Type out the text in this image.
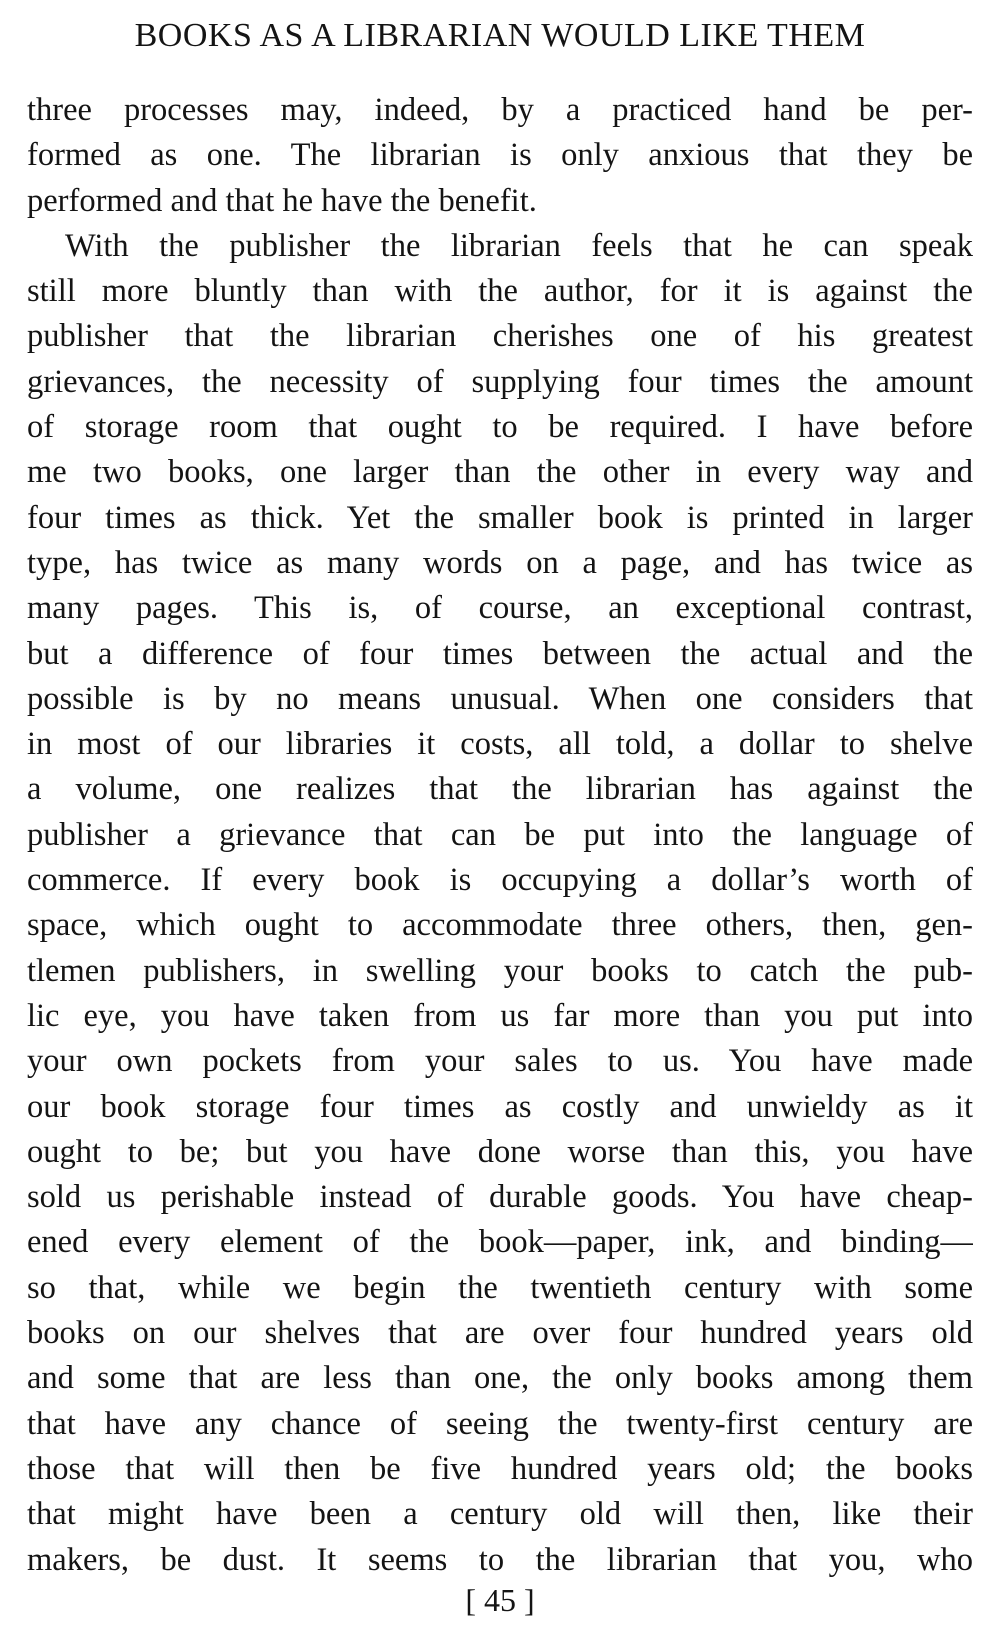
BOOKS AS A LIBRARIAN WOULD LIKE THEM
three processes may, indeed, by a practiced hand be per-
formed as one. The librarian is only anxious that they be
performed and that he have the benefit.
With the publisher the librarian feels that he can speak
still more bluntly than with the author, for it is against the
publisher that the librarian cherishes one of his greatest
grievances, the necessity of supplying four times the amount
of storage room that ought to be required. I have before
me two books, one larger than the other in every way and
four times as thick. Yet the smaller book is printed in larger
type, has twice as many words on a page, and has twice as
many pages. This is, of course, an exceptional contrast,
but a difference of four times between the actual and the
possible is by no means unusual. When one considers that
in most of our libraries it costs, all told, a dollar to shelve
a volume, one realizes that the librarian has against the
publisher a grievance that can be put into the language of
commerce. If every book is occupying a dollar’s worth of
space, which ought to accommodate three others, then, gen-
tlemen publishers, in swelling your books to catch the pub-
lic eye, you have taken from us far more than you put into
your own pockets from your sales to us. You have made
our book storage four times as costly and unwieldy as it
ought to be; but you have done worse than this, you have
sold us perishable instead of durable goods. You have cheap-
ened every element of the book—paper, ink, and binding—
so that, while we begin the twentieth century with some
books on our shelves that are over four hundred years old
and some that are less than one, the only books among them
that have any chance of seeing the twenty-first century are
those that will then be five hundred years old; the books
that might have been a century old will then, like their
makers, be dust. It seems to the librarian that you, who
[ 45 ]
